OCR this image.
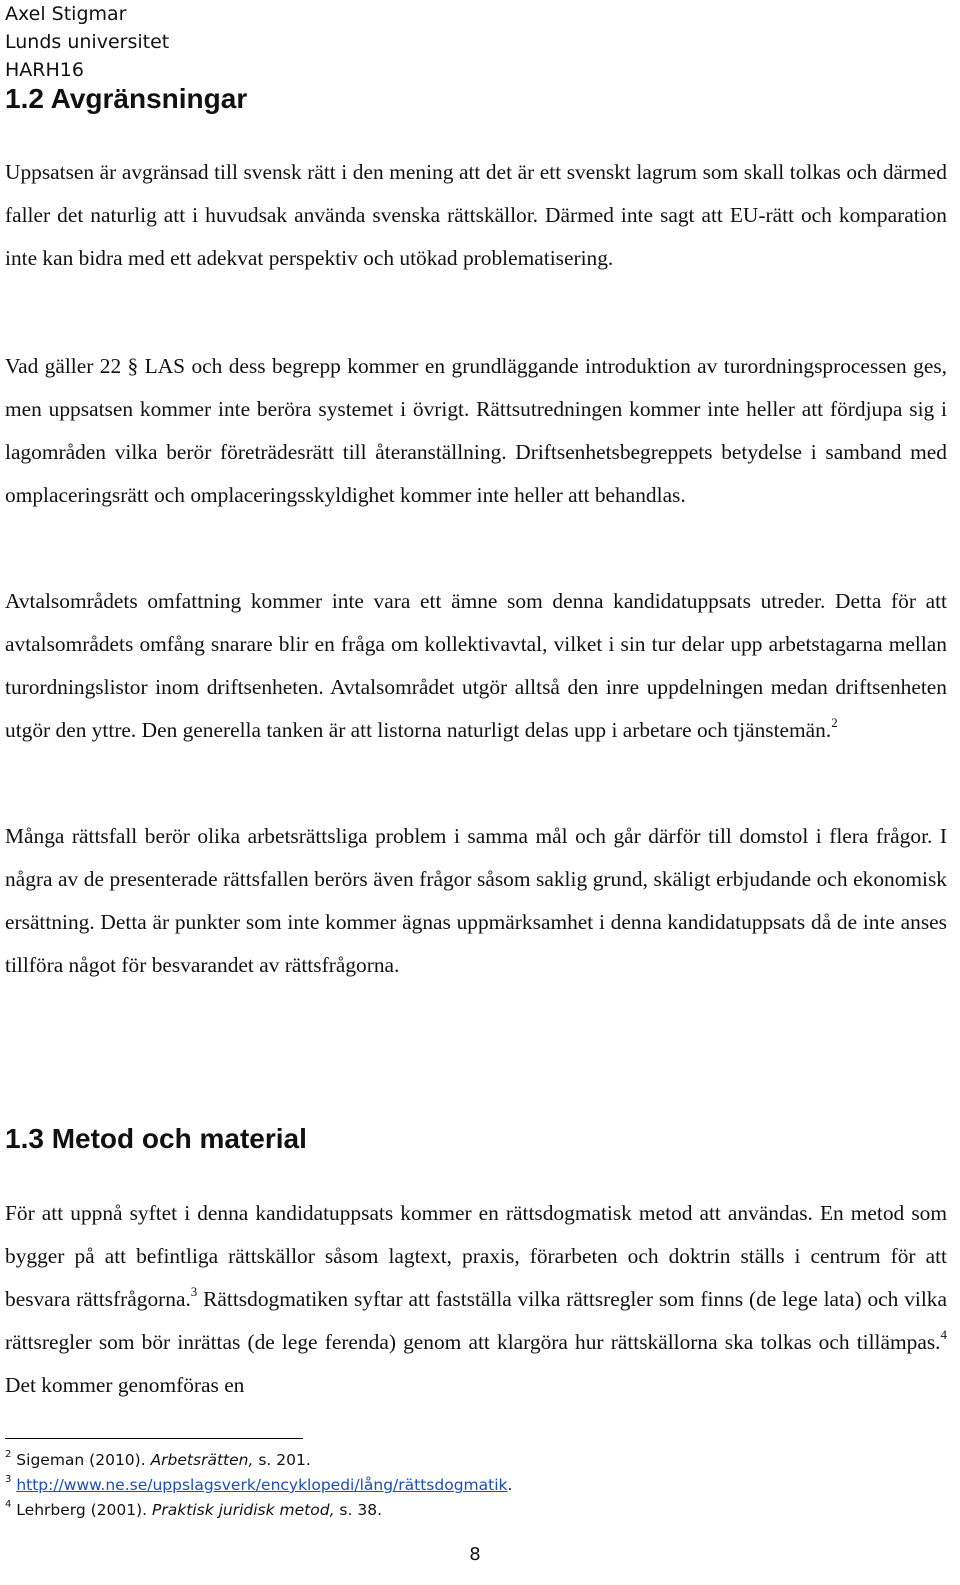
Axel Stigmar
Lunds universitet
HARH16
1.2 Avgränsningar

Uppsatsen är avgränsad till svensk rätt i den mening att det är ett svenskt lagrum som skall tolkas och därmed faller det naturlig att i huvudsak använda svenska rättskällor. Därmed inte sagt att EU-rätt och komparation inte kan bidra med ett adekvat perspektiv och utökad problematisering.

Vad gäller 22 § LAS och dess begrepp kommer en grundläggande introduktion av turordningsprocessen ges, men uppsatsen kommer inte beröra systemet i övrigt. Rättsutredningen kommer inte heller att fördjupa sig i lagområden vilka berör företrädesrätt till återanställning. Driftsenhetsbegreppets betydelse i samband med omplaceringsrätt och omplaceringsskyldighet kommer inte heller att behandlas.

Avtalsområdets omfattning kommer inte vara ett ämne som denna kandidatuppsats utreder. Detta för att avtalsområdets omfång snarare blir en fråga om kollektivavtal, vilket i sin tur delar upp arbetstagarna mellan turordningslistor inom driftsenheten. Avtalsområdet utgör alltså den inre uppdelningen medan driftsenheten utgör den yttre. Den generella tanken är att listorna naturligt delas upp i arbetare och tjänstemän.$^2$

Många rättsfall berör olika arbetsrättsliga problem i samma mål och går därför till domstol i flera frågor. I några av de presenterade rättsfallen berörs även frågor såsom saklig grund, skäligt erbjudande och ekonomisk ersättning. Detta är punkter som inte kommer ägnas uppmärksamhet i denna kandidatuppsats då de inte anses tillföra något för besvarandet av rättsfrågorna.

1.3 Metod och material

För att uppnå syftet i denna kandidatuppsats kommer en rättsdogmatisk metod att användas. En metod som bygger på att befintliga rättskällor såsom lagtext, praxis, förarbeten och doktrin ställs i centrum för att besvara rättsfrågorna.$^3$ Rättsdogmatiken syftar att fastställa vilka rättsregler som finns (de lege lata) och vilka rättsregler som bör inrättas (de lege ferenda) genom att klargöra hur rättskällorna ska tolkas och tillämpas.$^4$ Det kommer genomföras en

$^2$ Sigeman (2010). Arbetsrätten, s. 201.
$^3$ http://www.ne.se/uppslagsverk/encyklopedi/lång/rättsdogmatik.
$^4$ Lehrberg (2001). Praktisk juridisk metod, s. 38.
8
